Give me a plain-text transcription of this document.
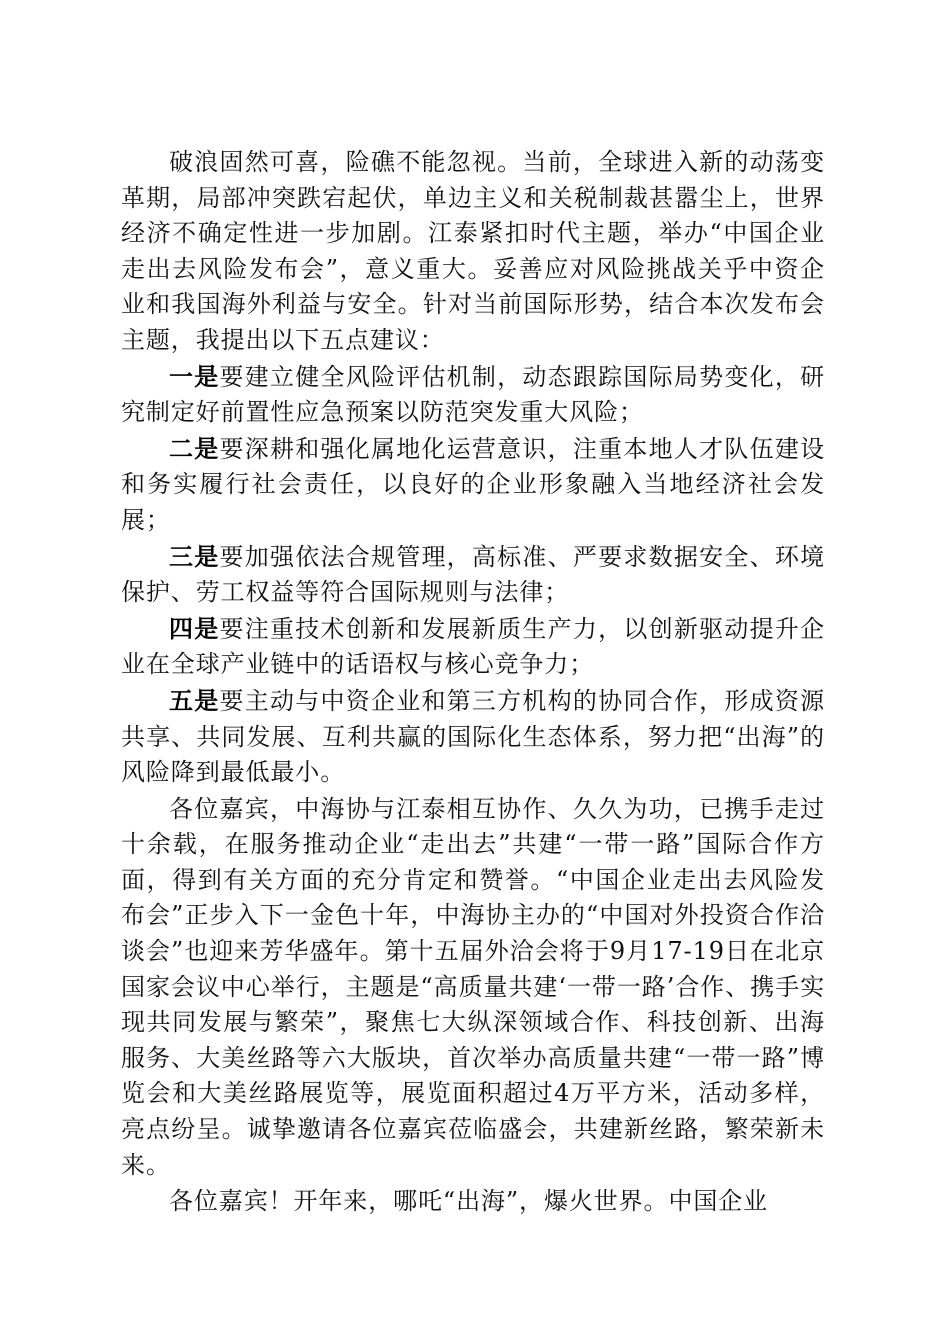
破浪固然可喜，险礁不能忽视。当前，全球进入新的动荡变革期，局部冲突跌宕起伏，单边主义和关税制裁甚嚣尘上，世界经济不确定性进一步加剧。江泰紧扣时代主题，举办“中国企业走出去风险发布会”，意义重大。妥善应对风险挑战关乎中资企业和我国海外利益与安全。针对当前国际形势，结合本次发布会主题，我提出以下五点建议：

一是要建立健全风险评估机制，动态跟踪国际局势变化，研究制定好前置性应急预案以防范突发重大风险；

二是要深耕和强化属地化运营意识，注重本地人才队伍建设和务实履行社会责任，以良好的企业形象融入当地经济社会发展；

三是要加强依法合规管理，高标准、严要求数据安全、环境保护、劳工权益等符合国际规则与法律；

四是要注重技术创新和发展新质生产力，以创新驱动提升企业在全球产业链中的话语权与核心竞争力；

五是要主动与中资企业和第三方机构的协同合作，形成资源共享、共同发展、互利共赢的国际化生态体系，努力把“出海”的风险降到最低最小。

各位嘉宾，中海协与江泰相互协作、久久为功，已携手走过十余载，在服务推动企业“走出去”共建“一带一路”国际合作方面，得到有关方面的充分肯定和赞誉。“中国企业走出去风险发布会”正步入下一金色十年，中海协主办的“中国对外投资合作洽谈会”也迎来芳华盛年。第十五届外洽会将于9月17-19日在北京国家会议中心举行，主题是“高质量共建‘一带一路’合作、携手实现共同发展与繁荣”，聚焦七大纵深领域合作、科技创新、出海服务、大美丝路等六大版块，首次举办高质量共建“一带一路”博览会和大美丝路展览等，展览面积超过4万平方米，活动多样，亮点纷呈。诚挚邀请各位嘉宾莅临盛会，共建新丝路，繁荣新未来。

各位嘉宾！开年来，哪吒“出海”，爆火世界。中国企业
